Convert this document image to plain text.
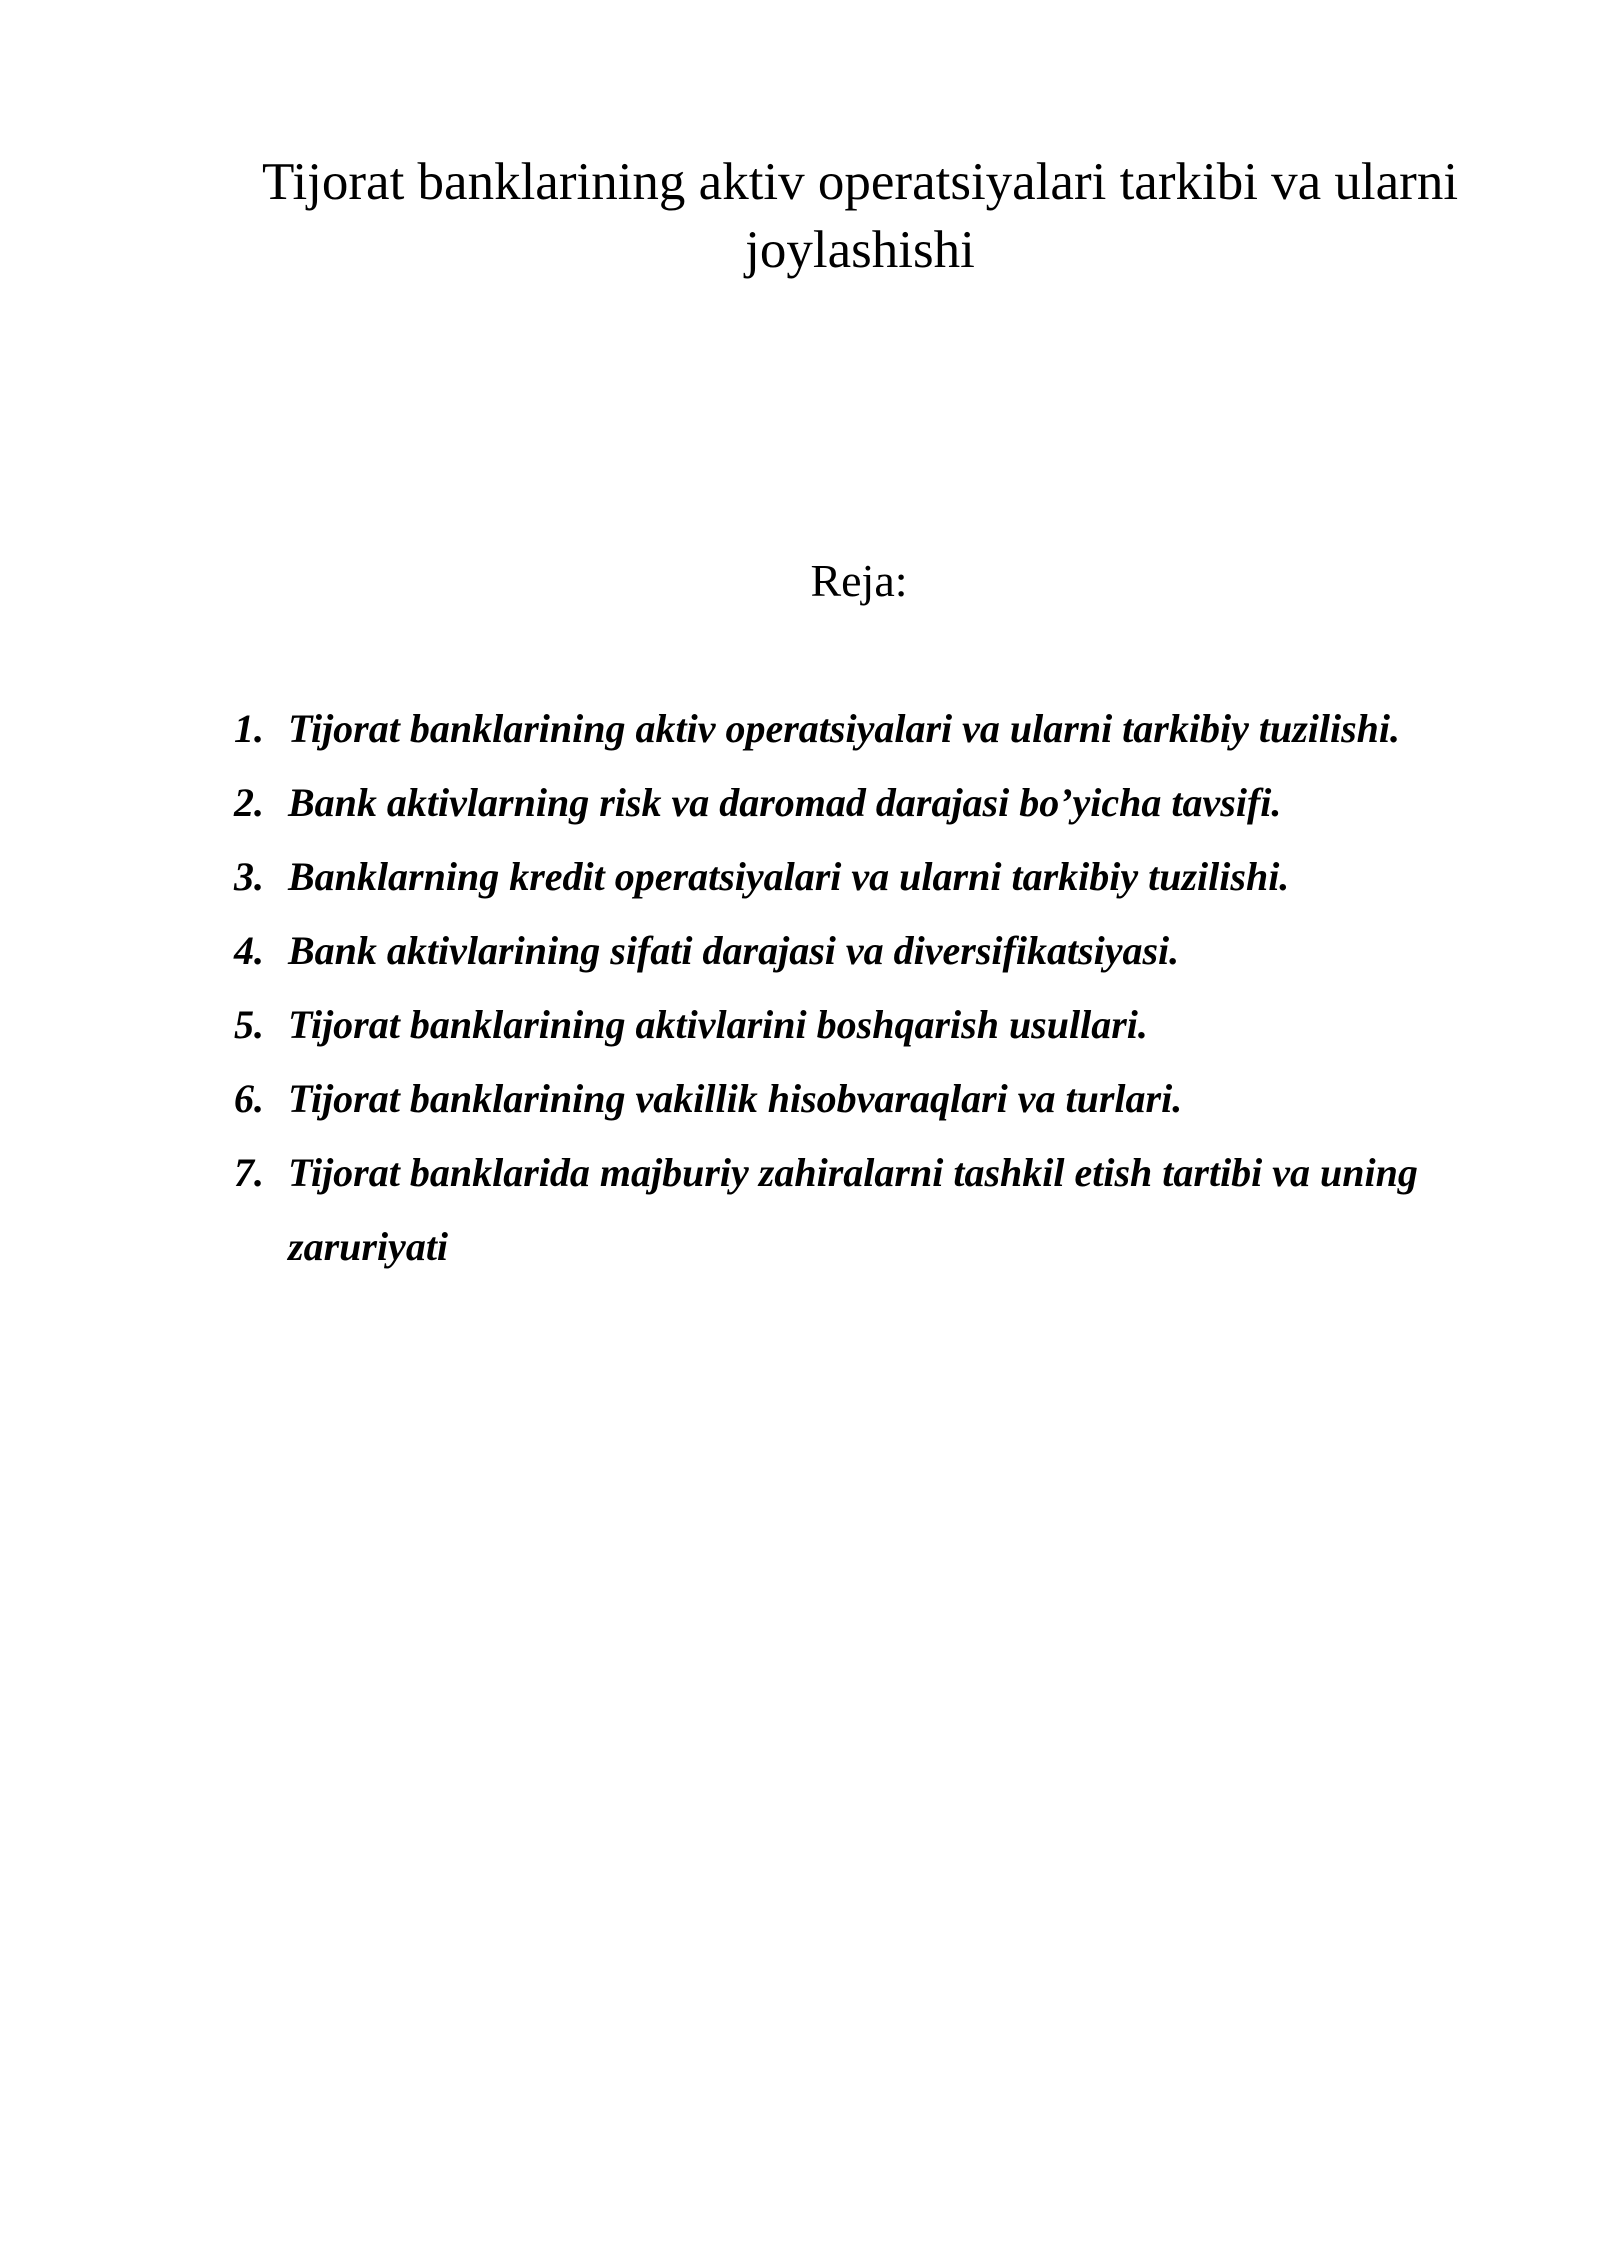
Tijorat banklarining aktiv operatsiyalari tarkibi va ularni joylashishi
Reja:
1. Tijorat banklarining aktiv operatsiyalari va ularni tarkibiy tuzilishi.
2. Bank aktivlarning risk va daromad darajasi bo’yicha tavsifi.
3. Banklarning kredit operatsiyalari va ularni tarkibiy tuzilishi.
4. Bank aktivlarining sifati darajasi va diversifikatsiyasi.
5. Tijorat banklarining aktivlarini boshqarish usullari.
6. Tijorat banklarining vakillik hisobvaraqlari va turlari.
7. Tijorat banklarida majburiy zahiralarni tashkil etish tartibi va uning zaruriyati
